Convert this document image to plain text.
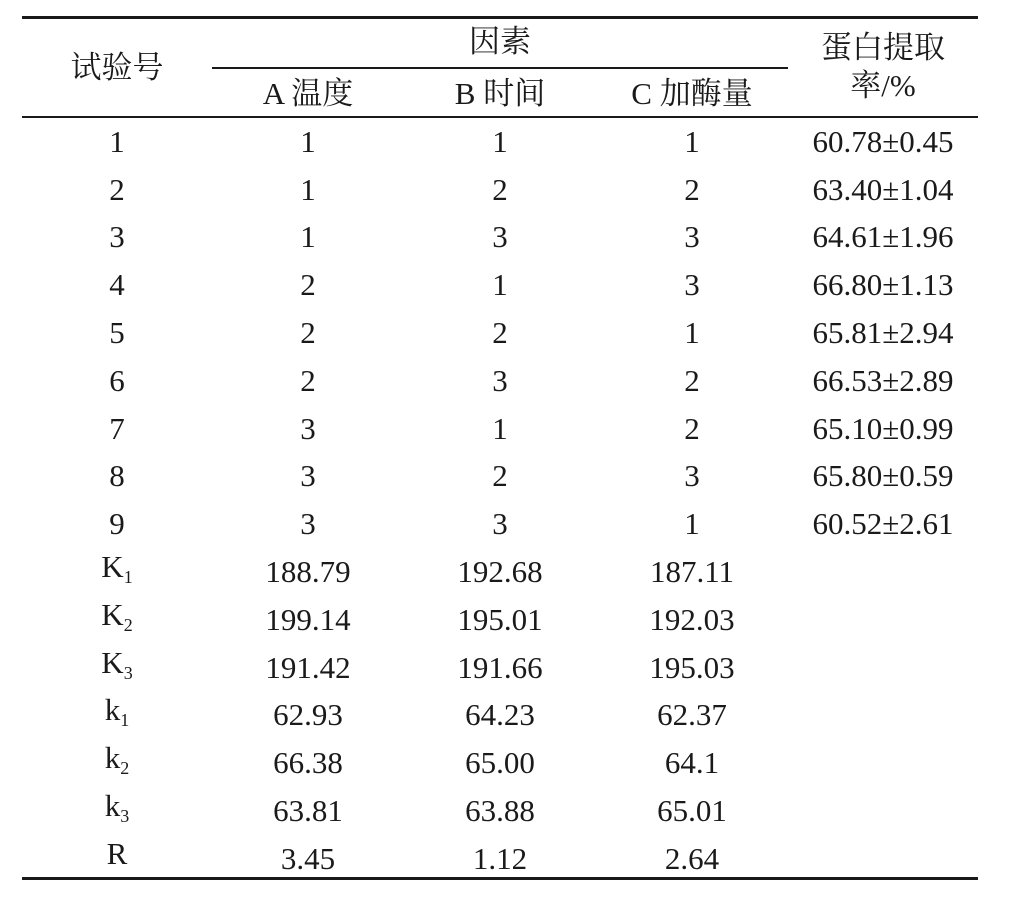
试验号
因素
A 温度	B 时间	C 加酶量
蛋白提取
率/%
1	1	1	1	60.78±0.45
2	1	2	2	63.40±1.04
3	1	3	3	64.61±1.96
4	2	1	3	66.80±1.13
5	2	2	1	65.81±2.94
6	2	3	2	66.53±2.89
7	3	1	2	65.10±0.99
8	3	2	3	65.80±0.59
9	3	3	1	60.52±2.61
$K_1$	188.79	192.68	187.11
$K_2$	199.14	195.01	192.03
$K_3$	191.42	191.66	195.03
$k_1$	62.93	64.23	62.37
$k_2$	66.38	65.00	64.1
$k_3$	63.81	63.88	65.01
R	3.45	1.12	2.64
